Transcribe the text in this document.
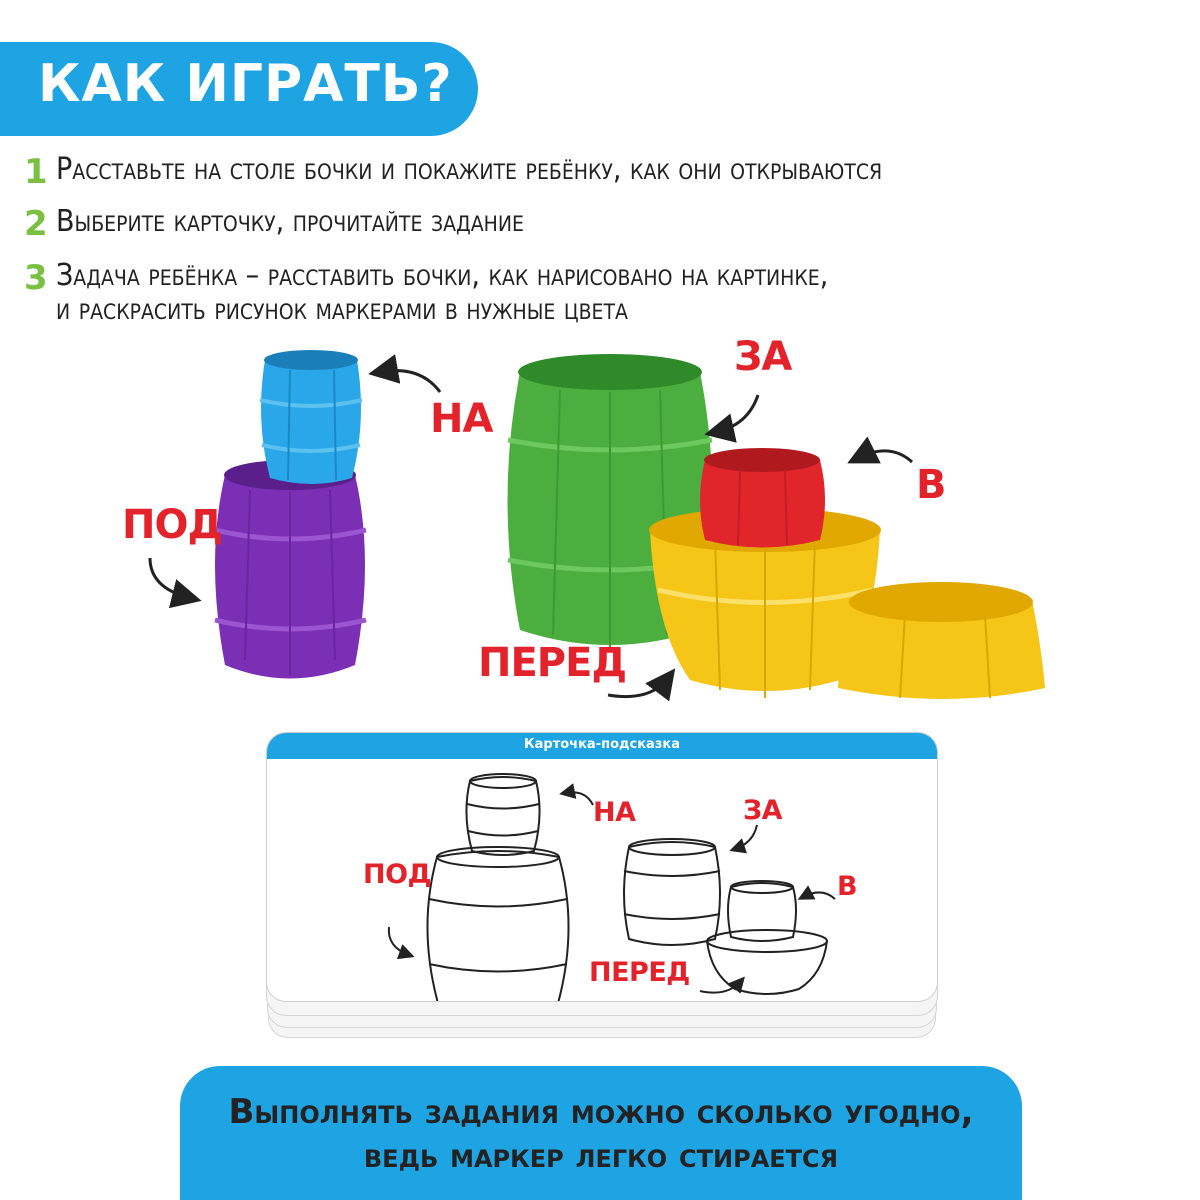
КАК ИГРАТЬ?
1 Расставьте на столе бочки и покажите ребёнку, как они открываются
2 Выберите карточку, прочитайте задание
3 Задача ребёнка – расставить бочки, как нарисовано на картинке,
и раскрасить рисунок маркерами в нужные цвета
НА
ПОД
ЗА
В
ПЕРЕД
Карточка-подсказка
НА
ПОД
ЗА
В
ПЕРЕД
Выполнять задания можно сколько угодно,
ведь маркер легко стирается
